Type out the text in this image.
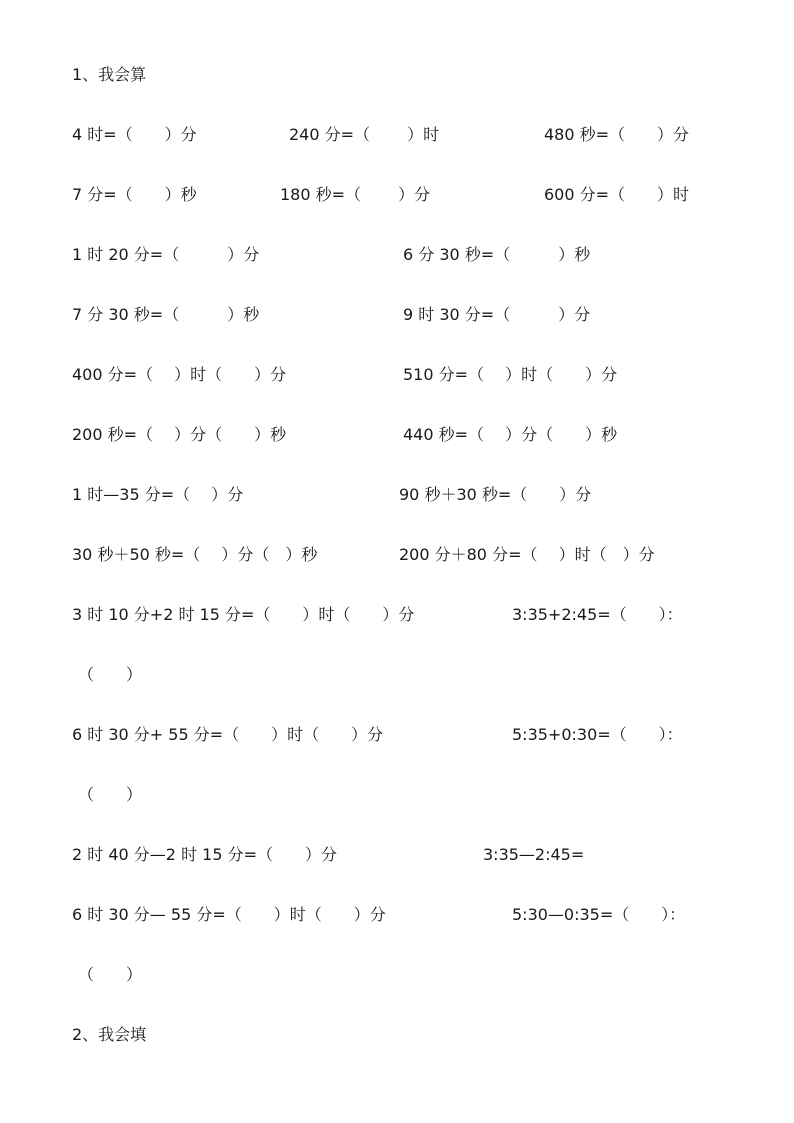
1、我会算

4 时=（　　）分

	240 分=（　　 ）时

	480 秒=（　　）分

7 分=（　　）秒

	180 秒=（　　 ）分

	600 分=（　　）时

1 时 20 分=（　　　）分

	6 分 30 秒=（　　　）秒

7 分 30 秒=（　　　）秒

	9 时 30 分=（　　　）分

400 分=（　 ）时（　　）分

	510 分=（　 ）时（　　）分

200 秒=（　 ）分（　　）秒

	440 秒=（　 ）分（　　）秒

1 时—35 分=（　 ）分

	90 秒＋30 秒=（　　）分

30 秒＋50 秒=（　 ）分（　）秒

	200 分＋80 分=（　 ）时（　）分

3 时 10 分+2 时 15 分=（　　）时（　　）分

	3:35+2:45=（　　）：

（　　）

6 时 30 分+ 55 分=（　　）时（　　）分

	5:35+0:30=（　　）：

（　　）

2 时 40 分—2 时 15 分=（　　）分

	3:35—2:45=

6 时 30 分— 55 分=（　　）时（　　）分

	5:30—0:35=（　　）：

（　　）

2、我会填
